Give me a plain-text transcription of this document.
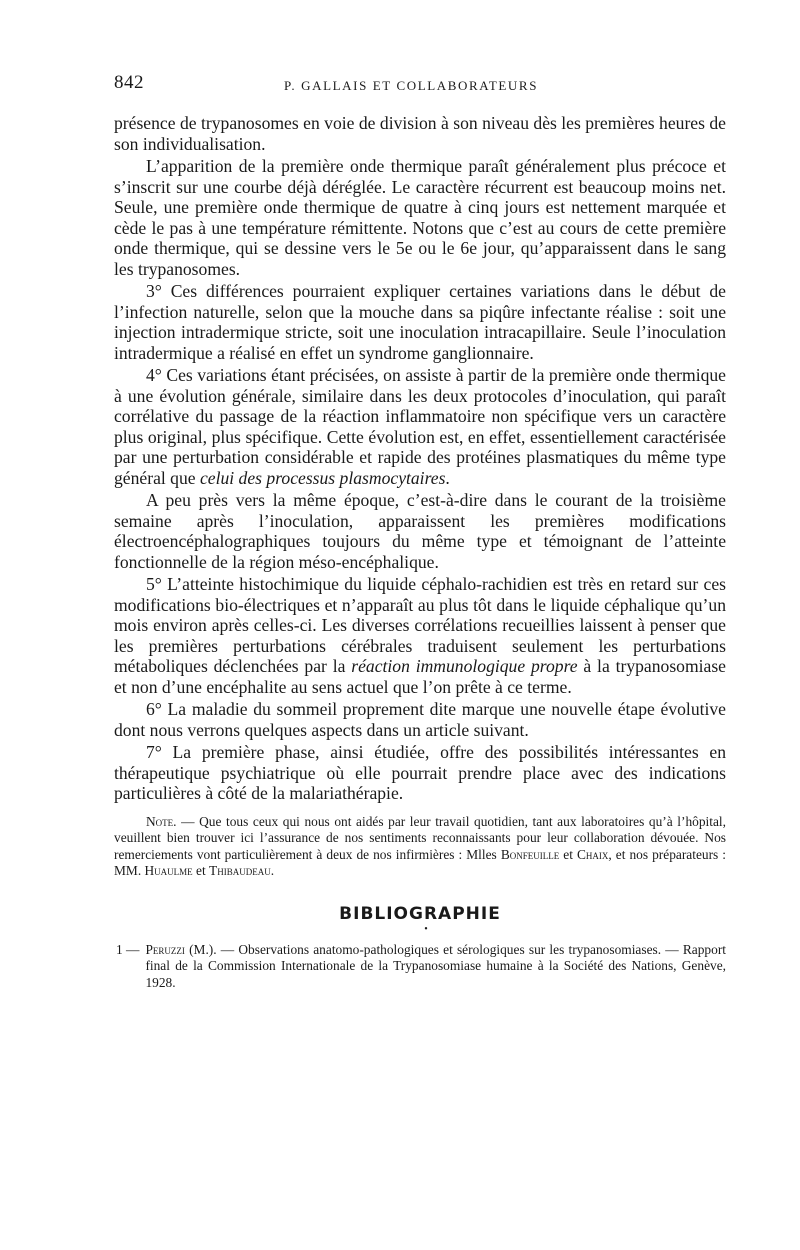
842	P. GALLAIS ET COLLABORATEURS

présence de trypanosomes en voie de division à son niveau dès les premières heures de son individualisation.

L’apparition de la première onde thermique paraît généralement plus précoce et s’inscrit sur une courbe déjà déréglée. Le caractère récurrent est beaucoup moins net. Seule, une première onde thermique de quatre à cinq jours est nettement marquée et cède le pas à une température rémittente. Notons que c’est au cours de cette première onde thermique, qui se dessine vers le 5e ou le 6e jour, qu’apparaissent dans le sang les trypanosomes.

3° Ces différences pourraient expliquer certaines variations dans le début de l’infection naturelle, selon que la mouche dans sa piqûre infectante réalise : soit une injection intradermique stricte, soit une inoculation intracapillaire. Seule l’inoculation intradermique a réalisé en effet un syndrome ganglionnaire.

4° Ces variations étant précisées, on assiste à partir de la première onde thermique à une évolution générale, similaire dans les deux protocoles d’inoculation, qui paraît corrélative du passage de la réaction inflammatoire non spécifique vers un caractère plus original, plus spécifique. Cette évolution est, en effet, essentiellement caractérisée par une perturbation considérable et rapide des protéines plasmatiques du même type général que celui des processus plasmocytaires.

A peu près vers la même époque, c’est-à-dire dans le courant de la troisième semaine après l’inoculation, apparaissent les premières modifications électroencéphalographiques toujours du même type et témoignant de l’atteinte fonctionnelle de la région méso-encéphalique.

5° L’atteinte histochimique du liquide céphalo-rachidien est très en retard sur ces modifications bio-électriques et n’apparaît au plus tôt dans le liquide céphalique qu’un mois environ après celles-ci. Les diverses corrélations recueillies laissent à penser que les premières perturbations cérébrales traduisent seulement les perturbations métaboliques déclenchées par la réaction immunologique propre à la trypanosomiase et non d’une encéphalite au sens actuel que l’on prête à ce terme.

6° La maladie du sommeil proprement dite marque une nouvelle étape évolutive dont nous verrons quelques aspects dans un article suivant.

7° La première phase, ainsi étudiée, offre des possibilités intéressantes en thérapeutique psychiatrique où elle pourrait prendre place avec des indications particulières à côté de la malariathérapie.

Note. — Que tous ceux qui nous ont aidés par leur travail quotidien, tant aux laboratoires qu’à l’hôpital, veuillent bien trouver ici l’assurance de nos sentiments reconnaissants pour leur collaboration dévouée. Nos remerciements vont particulièrement à deux de nos infirmières : Mlles Bonfeuille et Chaix, et nos préparateurs : MM. Huaulme et Thibaudeau.

BIBLIOGRAPHIE
•
1 — Peruzzi (M.). — Observations anatomo-pathologiques et sérologiques sur les trypanosomiases. — Rapport final de la Commission Internationale de la Trypanosomiase humaine à la Société des Nations, Genève, 1928.
